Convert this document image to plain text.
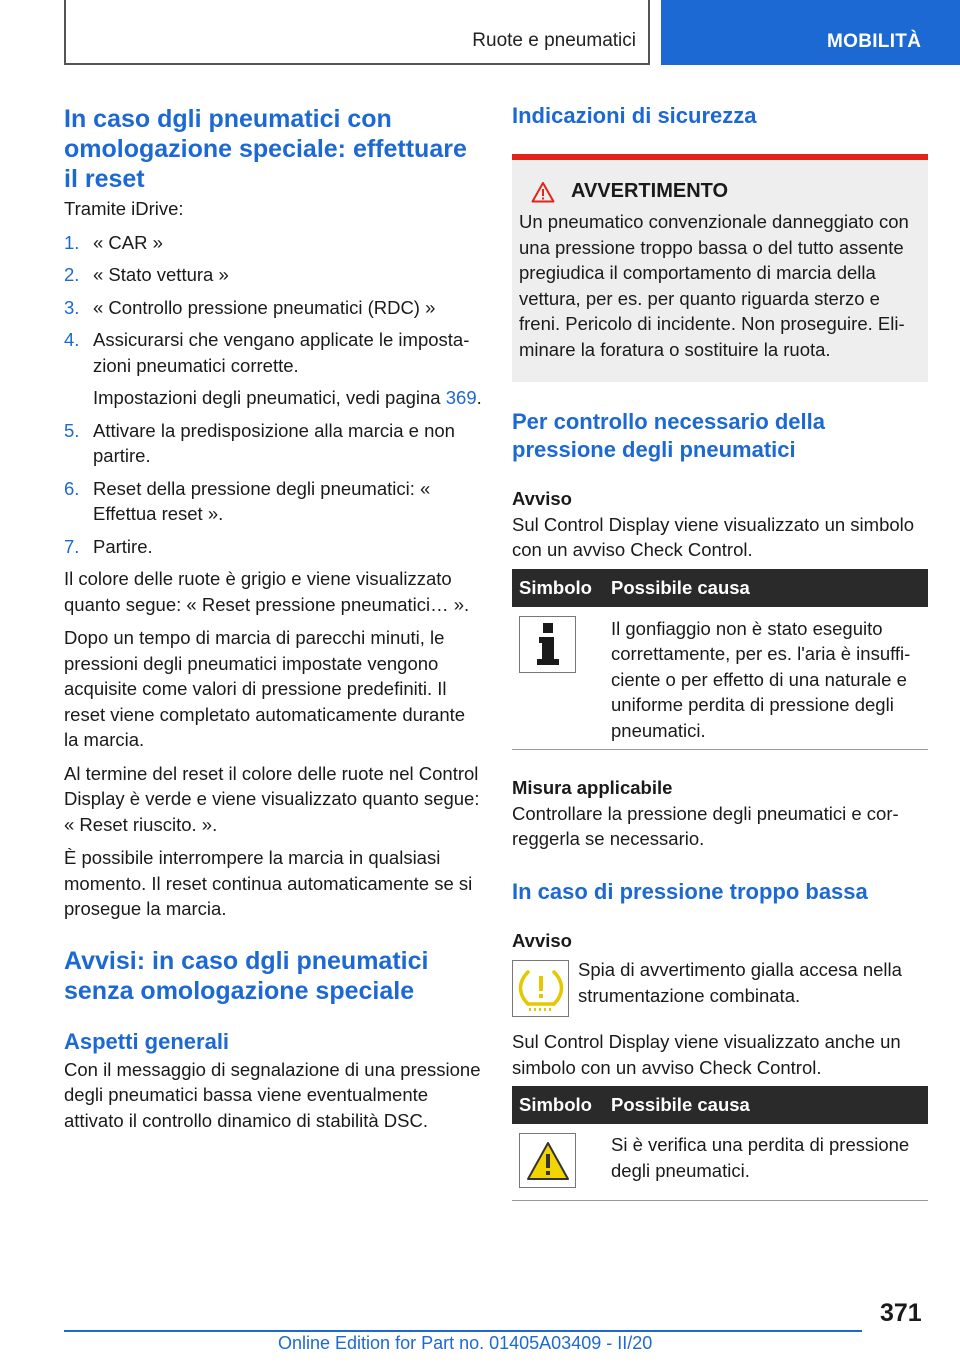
Ruote e pneumatici	MOBILITÀ
In caso dgli pneumatici con omologazione speciale: effettuare il reset
Tramite iDrive:
1. « CAR »
2. « Stato vettura »
3. « Controllo pressione pneumatici (RDC) »
4. Assicurarsi che vengano applicate le impostazioni pneumatici corrette.
Impostazioni degli pneumatici, vedi pagina 369.
5. Attivare la predisposizione alla marcia e non partire.
6. Reset della pressione degli pneumatici: « Effettua reset ».
7. Partire.
Il colore delle ruote è grigio e viene visualizzato quanto segue: « Reset pressione pneumatici… ».
Dopo un tempo di marcia di parecchi minuti, le pressioni degli pneumatici impostate vengono acquisite come valori di pressione predefiniti. Il reset viene completato automaticamente durante la marcia.
Al termine del reset il colore delle ruote nel Control Display è verde e viene visualizzato quanto segue: « Reset riuscito. ».
È possibile interrompere la marcia in qualsiasi momento. Il reset continua automaticamente se si prosegue la marcia.
Avvisi: in caso dgli pneumatici senza omologazione speciale
Aspetti generali
Con il messaggio di segnalazione di una pressione degli pneumatici bassa viene eventualmente attivato il controllo dinamico di stabilità DSC.
Indicazioni di sicurezza
AVVERTIMENTO
Un pneumatico convenzionale danneggiato con una pressione troppo bassa o del tutto assente pregiudica il comportamento di marcia della vettura, per es. per quanto riguarda sterzo e freni. Pericolo di incidente. Non proseguire. Eliminare la foratura o sostituire la ruota.
Per controllo necessario della pressione degli pneumatici
Avviso
Sul Control Display viene visualizzato un simbolo con un avviso Check Control.
Simbolo	Possibile causa

	Il gonfiaggio non è stato eseguito correttamente, per es. l'aria è insufficiente o per effetto di una naturale e uniforme perdita di pressione degli pneumatici.
Misura applicabile
Controllare la pressione degli pneumatici e correggerla se necessario.
In caso di pressione troppo bassa
Avviso
Spia di avvertimento gialla accesa nella strumentazione combinata.
Sul Control Display viene visualizzato anche un simbolo con un avviso Check Control.
Simbolo	Possibile causa

	Si è verifica una perdita di pressione degli pneumatici.
371
Online Edition for Part no. 01405A03409 - II/20
